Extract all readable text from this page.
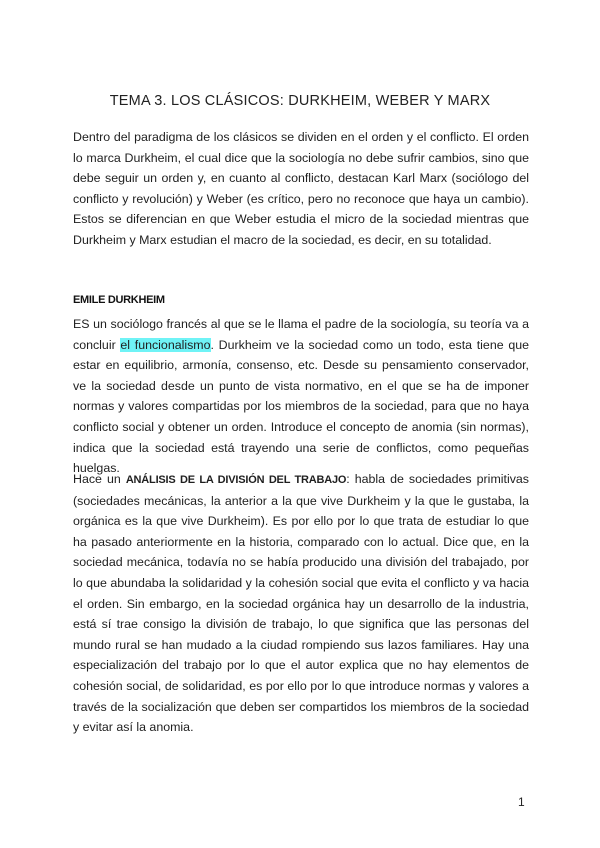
TEMA 3. LOS CLÁSICOS: DURKHEIM, WEBER Y MARX

Dentro del paradigma de los clásicos se dividen en el orden y el conflicto. El orden lo marca Durkheim, el cual dice que la sociología no debe sufrir cambios, sino que debe seguir un orden y, en cuanto al conflicto, destacan Karl Marx (sociólogo del conflicto y revolución) y Weber (es crítico, pero no reconoce que haya un cambio). Estos se diferencian en que Weber estudia el micro de la sociedad mientras que Durkheim y Marx estudian el macro de la sociedad, es decir, en su totalidad.

EMILE DURKHEIM

ES un sociólogo francés al que se le llama el padre de la sociología, su teoría va a concluir el funcionalismo. Durkheim ve la sociedad como un todo, esta tiene que estar en equilibrio, armonía, consenso, etc. Desde su pensamiento conservador, ve la sociedad desde un punto de vista normativo, en el que se ha de imponer normas y valores compartidas por los miembros de la sociedad, para que no haya conflicto social y obtener un orden. Introduce el concepto de anomia (sin normas), indica que la sociedad está trayendo una serie de conflictos, como pequeñas huelgas.

Hace un ANÁLISIS DE LA DIVISIÓN DEL TRABAJO: habla de sociedades primitivas (sociedades mecánicas, la anterior a la que vive Durkheim y la que le gustaba, la orgánica es la que vive Durkheim). Es por ello por lo que trata de estudiar lo que ha pasado anteriormente en la historia, comparado con lo actual. Dice que, en la sociedad mecánica, todavía no se había producido una división del trabajado, por lo que abundaba la solidaridad y la cohesión social que evita el conflicto y va hacia el orden. Sin embargo, en la sociedad orgánica hay un desarrollo de la industria, está sí trae consigo la división de trabajo, lo que significa que las personas del mundo rural se han mudado a la ciudad rompiendo sus lazos familiares. Hay una especialización del trabajo por lo que el autor explica que no hay elementos de cohesión social, de solidaridad, es por ello por lo que introduce normas y valores a través de la socialización que deben ser compartidos los miembros de la sociedad y evitar así la anomia.

1
